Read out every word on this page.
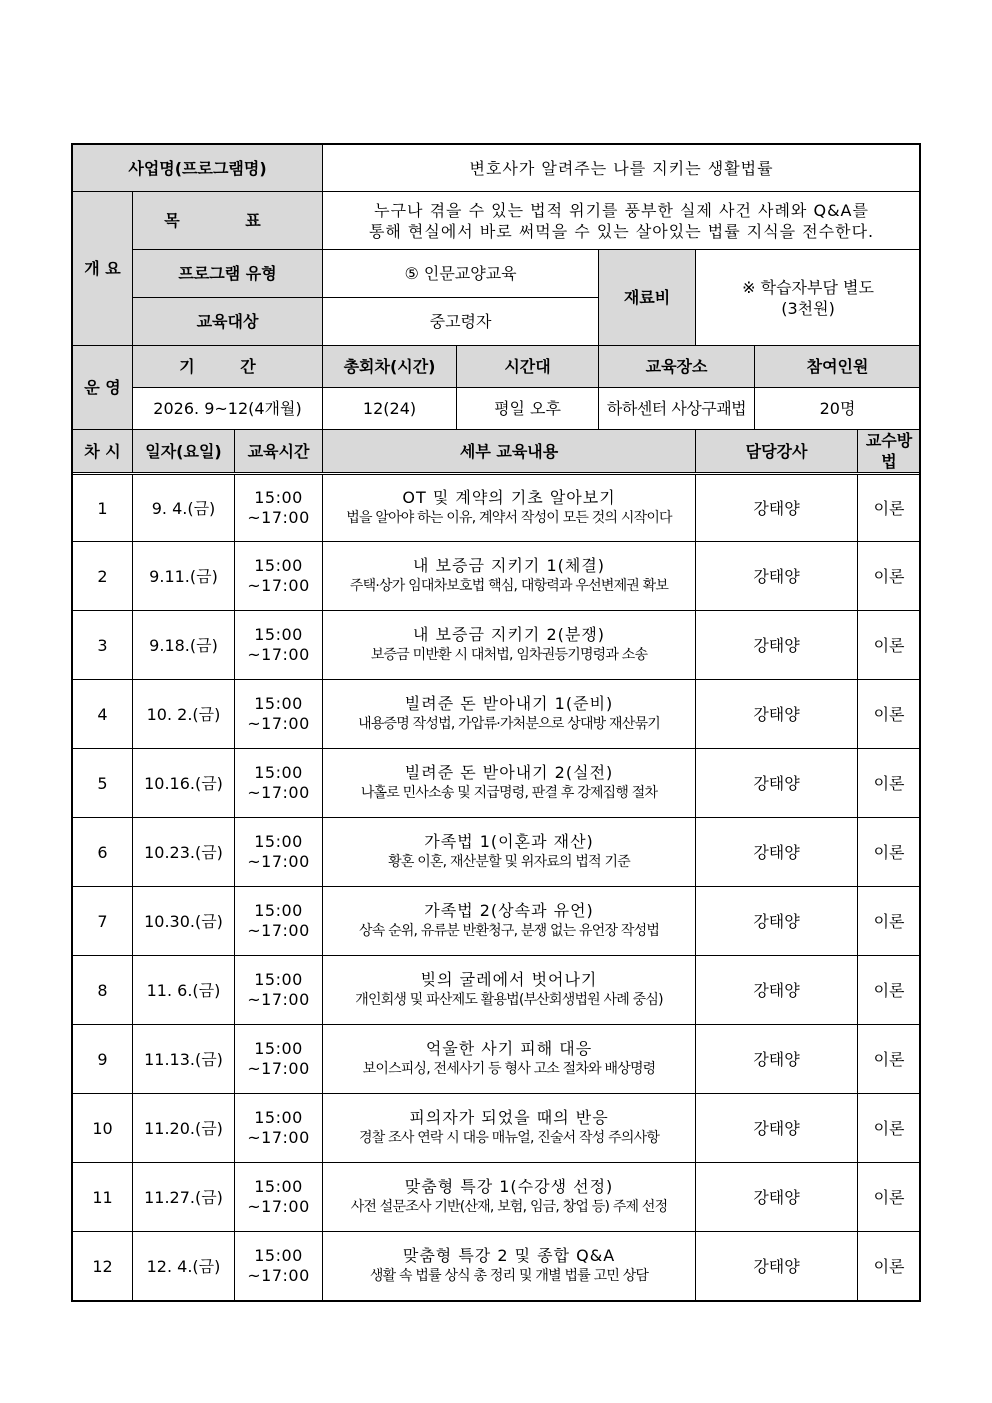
사업명(프로그램명)			변호사가 알려주는 나를 지키는 생활법률					
개 요	목 표		누구나 겪을 수 있는 법적 위기를 풍부한 실제 사건 사례와 Q&A를
통해 현실에서 바로 써먹을 수 있는 살아있는 법률 지식을 전수한다.					

	프로그램 유형		⑤ 인문교양교육		재료비	※ 학습자부담 별도
(3천원)		

	교육대상		중고령자					
운 영	기 간		총회차(시간)	시간대	교육장소		참여인원	
	2026. 9~12(4개월)		12(24)	평일 오후	하하센터 사상구괘법		20명	
차 시	일자(요일)	교육시간	세부 교육내용			담당강사		교수방법
1	9. 4.(금)	15:00
~17:00	OT 및 계약의 기초 알아보기
법을 알아야 하는 이유, 계약서 작성이 모든 것의 시작이다			강태양		이론
2	9.11.(금)	15:00
~17:00	내 보증금 지키기 1(체결)
주택·상가 임대차보호법 핵심, 대항력과 우선변제권 확보			강태양		이론
3	9.18.(금)	15:00
~17:00	내 보증금 지키기 2(분쟁)
보증금 미반환 시 대처법, 임차권등기명령과 소송			강태양		이론
4	10. 2.(금)	15:00
~17:00	빌려준 돈 받아내기 1(준비)
내용증명 작성법, 가압류·가처분으로 상대방 재산묶기			강태양		이론
5	10.16.(금)	15:00
~17:00	빌려준 돈 받아내기 2(실전)
나홀로 민사소송 및 지급명령, 판결 후 강제집행 절차			강태양		이론
6	10.23.(금)	15:00
~17:00	가족법 1(이혼과 재산)
황혼 이혼, 재산분할 및 위자료의 법적 기준			강태양		이론
7	10.30.(금)	15:00
~17:00	가족법 2(상속과 유언)
상속 순위, 유류분 반환청구, 분쟁 없는 유언장 작성법			강태양		이론
8	11. 6.(금)	15:00
~17:00	빚의 굴레에서 벗어나기
개인회생 및 파산제도 활용법(부산회생법원 사례 중심)			강태양		이론
9	11.13.(금)	15:00
~17:00	억울한 사기 피해 대응
보이스피싱, 전세사기 등 형사 고소 절차와 배상명령			강태양		이론
10	11.20.(금)	15:00
~17:00	피의자가 되었을 때의 반응
경찰 조사 연락 시 대응 매뉴얼, 진술서 작성 주의사항			강태양		이론
11	11.27.(금)	15:00
~17:00	맞춤형 특강 1(수강생 선정)
사전 설문조사 기반(산재, 보험, 임금, 창업 등) 주제 선정			강태양		이론
12	12. 4.(금)	15:00
~17:00	맞춤형 특강 2 및 종합 Q&A
생활 속 법률 상식 총 정리 및 개별 법률 고민 상담			강태양		이론
